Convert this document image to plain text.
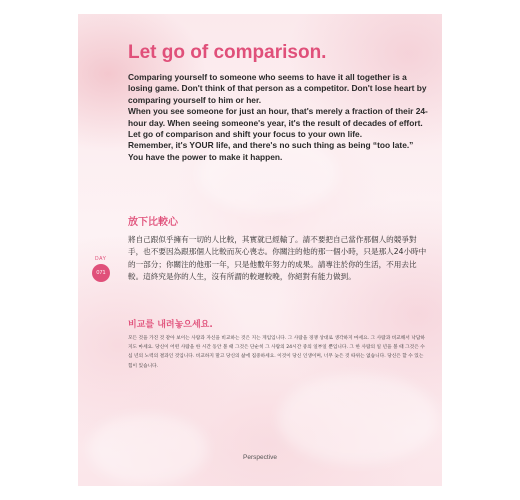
Let go of comparison.

Comparing yourself to someone who seems to have it all together is a losing game. Don't think of that person as a competitor. Don't lose heart by comparing yourself to him or her.

When you see someone for just an hour, that's merely a fraction of their 24-hour day. When seeing someone's year, it's the result of decades of effort.

Let go of comparison and shift your focus to your own life.

Remember, it's YOUR life, and there's no such thing as being “too late.” You have the power to make it happen.

放下比較心

將自己跟似乎擁有一切的人比較，其實就已經輸了。請不要把自己當作那個人的競爭對手，也不要因為跟那個人比較而灰心喪志。你關注的他的那一個小時，只是那人24小時中的一部分；你關注的他那一年，只是他數年努力的成果。請專注於你的生活，不用去比較。這終究是你的人生，沒有所謂的較遲較晚，你絕對有能力做到。

DAY
071
비교를 내려놓으세요.

모든 것을 가진 것 같아 보이는 사람과 자신을 비교하는 것은 지는 게임입니다. 그 사람을 경쟁 상대로 생각하지 마세요. 그 사람과 비교해서 낙담하지도 마세요. 당신이 어떤 사람을 한 시간 동안 볼 때 그것은 단순히 그 사람의 24시간 중의 일부일 뿐입니다. 그 한 사람의 일 년을 볼 때 그것은 수십 년의 노력의 결과인 것입니다. 비교하지 말고 당신의 삶에 집중하세요. 이것이 당신 인생이며, 너무 늦은 것 따위는 없습니다. 당신은 할 수 있는 힘이 있습니다.

Perspective
